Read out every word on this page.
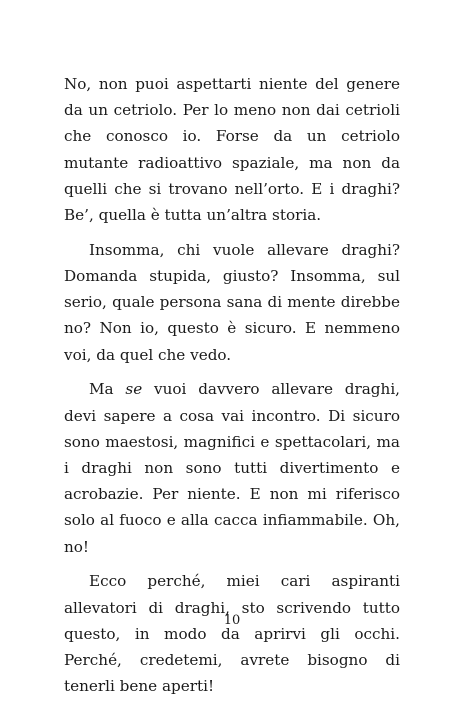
No, non puoi aspettarti niente del genere da un cetriolo. Per lo meno non dai cetrioli che conosco io. Forse da un cetriolo mutante radioattivo spaziale, ma non da quelli che si trovano nell’orto. E i draghi? Be’, quella è tutta un’altra storia.

Insomma, chi vuole allevare draghi? Domanda stupida, giusto? Insomma, sul serio, quale persona sana di mente direbbe no? Non io, questo è sicuro. E nemmeno voi, da quel che vedo.

Ma se vuoi davvero allevare draghi, devi sapere a cosa vai incontro. Di sicuro sono maestosi, magnifici e spettacolari, ma i draghi non sono tutti divertimento e acrobazie. Per niente. E non mi riferisco solo al fuoco e alla cacca infiammabile. Oh, no!

Ecco perché, miei cari aspiranti allevatori di draghi, sto scrivendo tutto questo, in modo da aprirvi gli occhi. Perché, credetemi, avrete bisogno di tenerli bene aperti!

10
